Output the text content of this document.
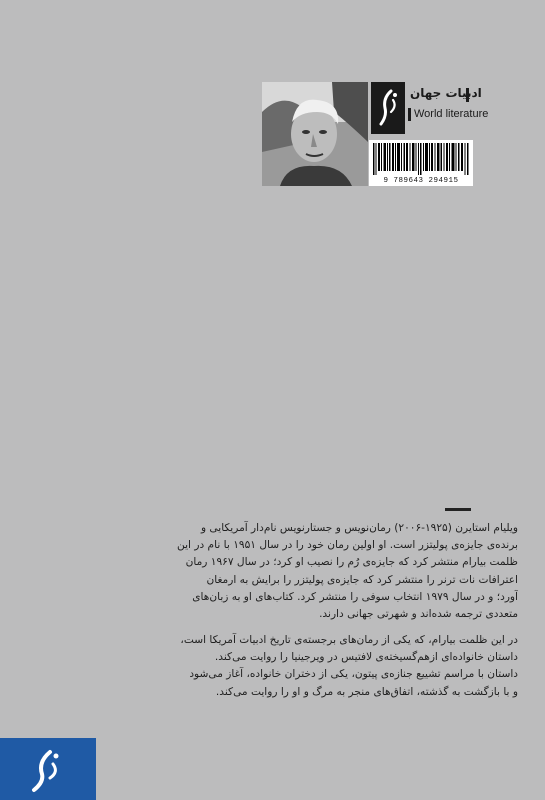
ادبیات جهان
World literature
9 789643 294915
ویلیام استایرن (۱۹۲۵-۲۰۰۶) رمان‌نویس و جستارنویس نام‌دار آمریکایی و
برنده‌ی جایزه‌ی پولیتزر است. او اولین رمان خود را در سال ۱۹۵۱ با نام در این
ظلمت بیارام منتشر کرد که جایزه‌ی رُم را نصیب او کرد؛ در سال ۱۹۶۷ رمان
اعترافات نات ترنر را منتشر کرد که جایزه‌ی پولیتزر را برایش به ارمغان
آورد؛ و در سال ۱۹۷۹ انتخاب سوفی را منتشر کرد. کتاب‌های او به زبان‌های
متعددی ترجمه شده‌اند و شهرتی جهانی دارند.
در این ظلمت بیارام، که یکی از رمان‌های برجسته‌ی تاریخ ادبیات آمریکا است،
داستان خانواده‌ای ازهم‌گسیخته‌ی لافتیس در ویرجینیا را روایت می‌کند.
داستان با مراسم تشییع جنازه‌ی پیتون، یکی از دختران خانواده، آغاز می‌شود
و با بازگشت به گذشته، اتفاق‌های منجر به مرگ و او را روایت می‌کند.
